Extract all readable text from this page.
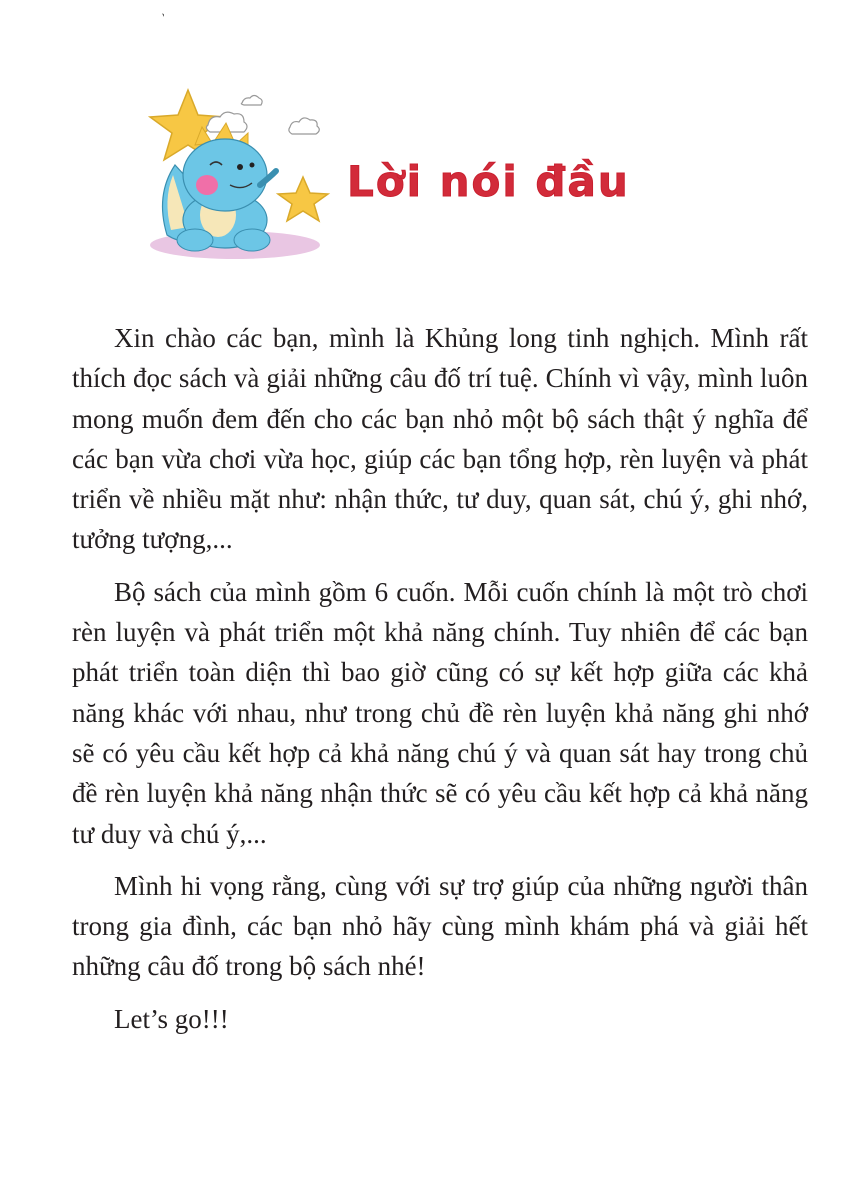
`
Lời nói đầu

Xin chào các bạn, mình là Khủng long tinh nghịch. Mình rất thích đọc sách và giải những câu đố trí tuệ. Chính vì vậy, mình luôn mong muốn đem đến cho các bạn nhỏ một bộ sách thật ý nghĩa để các bạn vừa chơi vừa học, giúp các bạn tổng hợp, rèn luyện và phát triển về nhiều mặt như: nhận thức, tư duy, quan sát, chú ý, ghi nhớ, tưởng tượng,...

Bộ sách của mình gồm 6 cuốn. Mỗi cuốn chính là một trò chơi rèn luyện và phát triển một khả năng chính. Tuy nhiên để các bạn phát triển toàn diện thì bao giờ cũng có sự kết hợp giữa các khả năng khác với nhau, như trong chủ đề rèn luyện khả năng ghi nhớ sẽ có yêu cầu kết hợp cả khả năng chú ý và quan sát hay trong chủ đề rèn luyện khả năng nhận thức sẽ có yêu cầu kết hợp cả khả năng tư duy và chú ý,...

Mình hi vọng rằng, cùng với sự trợ giúp của những người thân trong gia đình, các bạn nhỏ hãy cùng mình khám phá và giải hết những câu đố trong bộ sách nhé!

Let’s go!!!
